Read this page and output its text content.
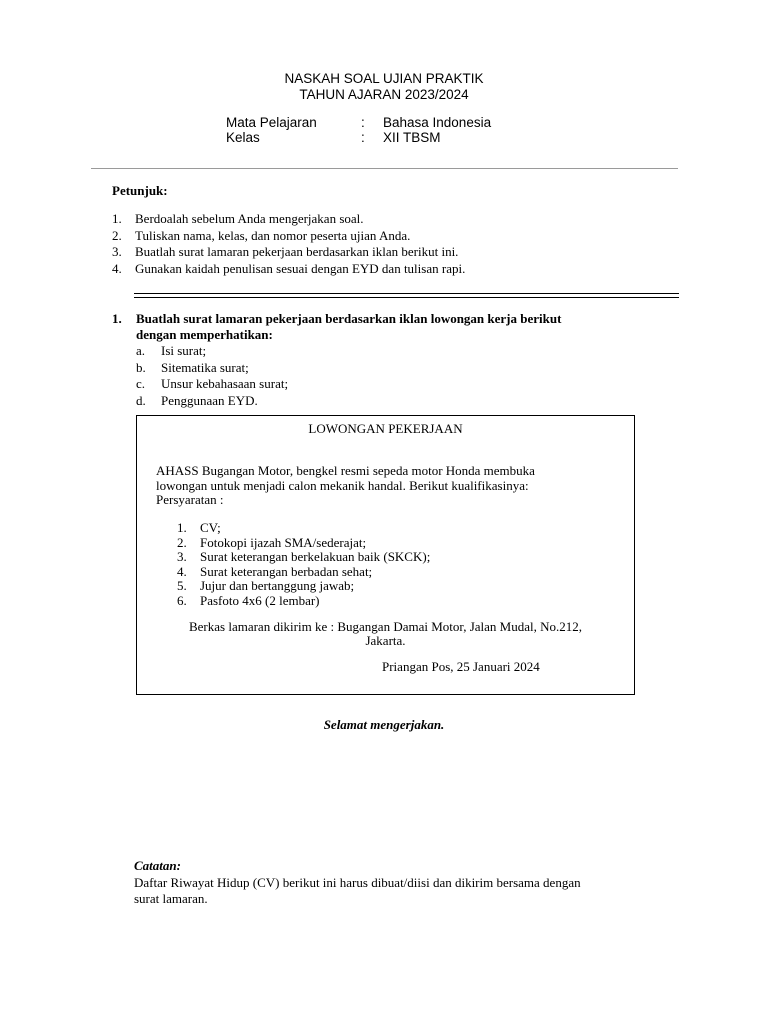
NASKAH SOAL UJIAN PRAKTIK
TAHUN AJARAN 2023/2024
Mata Pelajaran	: Bahasa Indonesia
Kelas	: XII TBSM
Petunjuk:
1. Berdoalah sebelum Anda mengerjakan soal.
2. Tuliskan nama, kelas, dan nomor peserta ujian Anda.
3. Buatlah surat lamaran pekerjaan berdasarkan iklan berikut ini.
4. Gunakan kaidah penulisan sesuai dengan EYD dan tulisan rapi.
1. Buatlah surat lamaran pekerjaan berdasarkan iklan lowongan kerja berikut
dengan memperhatikan:
a. Isi surat;
b. Sitematika surat;
c. Unsur kebahasaan surat;
d. Penggunaan EYD.
LOWONGAN PEKERJAAN
AHASS Bugangan Motor, bengkel resmi sepeda motor Honda membuka
lowongan untuk menjadi calon mekanik handal. Berikut kualifikasinya:
Persyaratan :
1. CV;
2. Fotokopi ijazah SMA/sederajat;
3. Surat keterangan berkelakuan baik (SKCK);
4. Surat keterangan berbadan sehat;
5. Jujur dan bertanggung jawab;
6. Pasfoto 4x6 (2 lembar)
Berkas lamaran dikirim ke : Bugangan Damai Motor, Jalan Mudal, No.212,
Jakarta.
Priangan Pos, 25 Januari 2024
Selamat mengerjakan.
Catatan:
Daftar Riwayat Hidup (CV) berikut ini harus dibuat/diisi dan dikirim bersama dengan
surat lamaran.
